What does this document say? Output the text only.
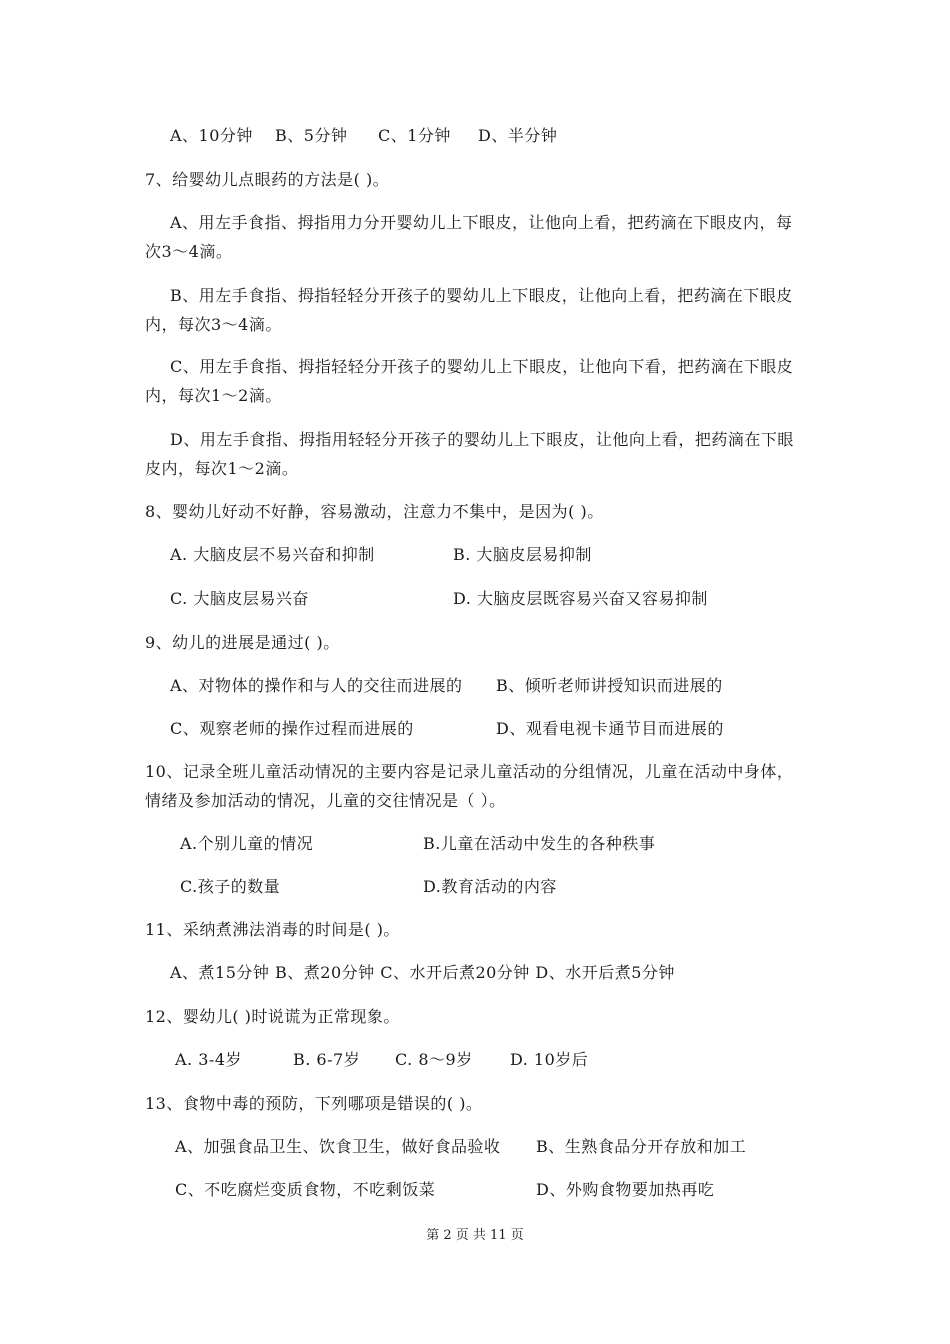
A、10分钟 B、5分钟 C、1分钟 D、半分钟
7、给婴幼儿点眼药的方法是( )。
A、用左手食指、拇指用力分开婴幼儿上下眼皮，让他向上看，把药滴在下眼皮内，每
次3～4滴。
B、用左手食指、拇指轻轻分开孩子的婴幼儿上下眼皮，让他向上看，把药滴在下眼皮
内，每次3～4滴。
C、用左手食指、拇指轻轻分开孩子的婴幼儿上下眼皮，让他向下看，把药滴在下眼皮
内，每次1～2滴。
D、用左手食指、拇指用轻轻分开孩子的婴幼儿上下眼皮，让他向上看，把药滴在下眼
皮内，每次1～2滴。
8、婴幼儿好动不好静，容易激动，注意力不集中，是因为( )。
A. 大脑皮层不易兴奋和抑制	B. 大脑皮层易抑制
C. 大脑皮层易兴奋	D. 大脑皮层既容易兴奋又容易抑制
9、幼儿的进展是通过( )。
A、对物体的操作和与人的交往而进展的 B、倾听老师讲授知识而进展的
C、观察老师的操作过程而进展的	D、观看电视卡通节目而进展的
10、记录全班儿童活动情况的主要内容是记录儿童活动的分组情况，儿童在活动中身体，
情绪及参加活动的情况，儿童的交往情况是（ ）。
A.个别儿童的情况	B.儿童在活动中发生的各种秩事
C.孩子的数量	D.教育活动的内容
11、采纳煮沸法消毒的时间是( )。
A、煮15分钟 B、煮20分钟 C、水开后煮20分钟 D、水开后煮5分钟
12、婴幼儿( )时说谎为正常现象。
A. 3-4岁	B. 6-7岁 C. 8～9岁 D. 10岁后
13、食物中毒的预防，下列哪项是错误的( )。
A、加强食品卫生、饮食卫生，做好食品验收 B、生熟食品分开存放和加工
C、不吃腐烂变质食物，不吃剩饭菜	D、外购食物要加热再吃
第 2 页 共 11 页
